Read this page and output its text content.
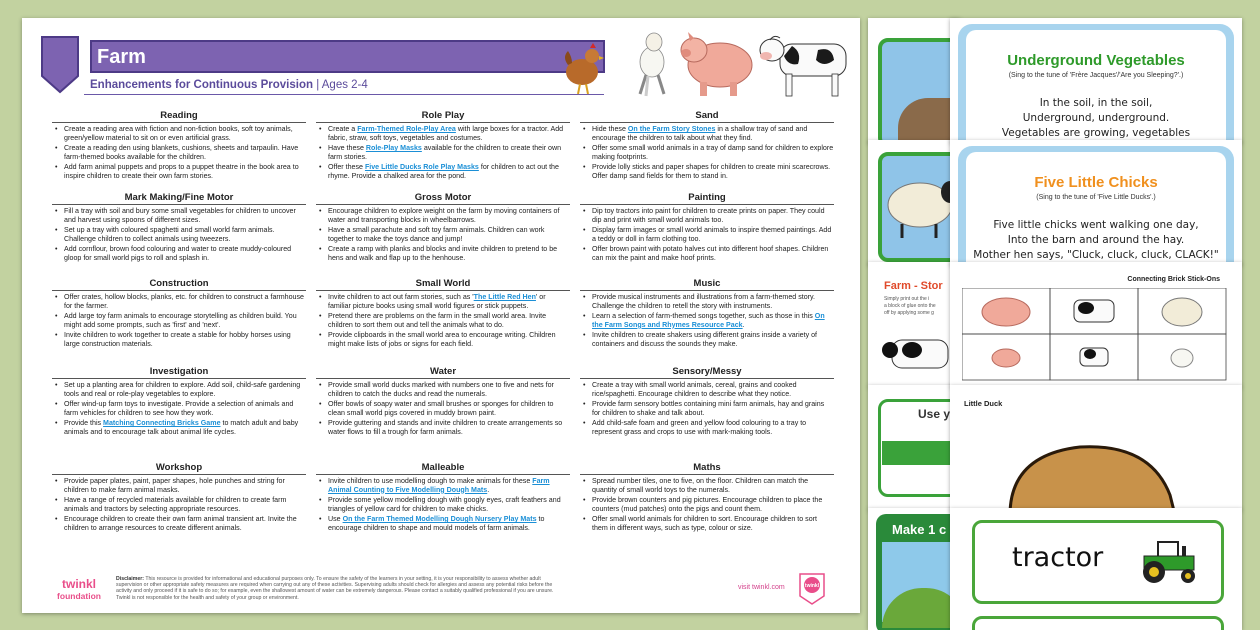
Farm
Enhancements for Continuous Provision | Ages 2-4
Reading
• Create a reading area with fiction and non-fiction books, soft toy animals, green/yellow material to sit on or even artificial grass.
• Create a reading den using blankets, cushions, sheets and tarpaulin. Have farm-themed books available for the children.
• Add farm animal puppets and props to a puppet theatre in the book area to inspire children to create their own farm stories.
Mark Making/Fine Motor
• Fill a tray with soil and bury some small vegetables for children to uncover and harvest using spoons of different sizes.
• Set up a tray with coloured spaghetti and small world farm animals. Challenge children to collect animals using tweezers.
• Add cornflour, brown food colouring and water to create muddy-coloured gloop for small world pigs to roll and splash in.
Construction
• Offer crates, hollow blocks, planks, etc. for children to construct a farmhouse for the farmer.
• Add large toy farm animals to encourage storytelling as children build. You might add some prompts, such as 'first' and 'next'.
• Invite children to work together to create a stable for hobby horses using large construction materials.
Investigation
• Set up a planting area for children to explore. Add soil, child-safe gardening tools and real or role-play vegetables to explore.
• Offer wind-up farm toys to investigate. Provide a selection of animals and farm vehicles for children to see how they work.
• Provide this Matching Connecting Bricks Game to match adult and baby animals and to encourage talk about animal life cycles.
Workshop
• Provide paper plates, paint, paper shapes, hole punches and string for children to make farm animal masks.
• Have a range of recycled materials available for children to create farm animals and tractors by selecting appropriate resources.
• Encourage children to create their own farm animal transient art. Invite the children to arrange resources to create different animals.
Role Play
• Create a Farm-Themed Role-Play Area with large boxes for a tractor. Add fabric, straw, soft toys, vegetables and costumes.
• Have these Role-Play Masks available for the children to create their own farm stories.
• Offer these Five Little Ducks Role Play Masks for children to act out the rhyme. Provide a chalked area for the pond.
Gross Motor
• Encourage children to explore weight on the farm by moving containers of water and transporting blocks in wheelbarrows.
• Have a small parachute and soft toy farm animals. Children can work together to make the toys dance and jump!
• Create a ramp with planks and blocks and invite children to pretend to be hens and walk and flap up to the henhouse.
Small World
• Invite children to act out farm stories, such as 'The Little Red Hen' or familiar picture books using small world figures or stick puppets.
• Pretend there are problems on the farm in the small world area. Invite children to sort them out and tell the animals what to do.
• Provide clipboards in the small world area to encourage writing. Children might make lists of jobs or signs for each field.
Water
• Provide small world ducks marked with numbers one to five and nets for children to catch the ducks and read the numerals.
• Offer bowls of soapy water and small brushes or sponges for children to clean small world pigs covered in muddy brown paint.
• Provide guttering and stands and invite children to create arrangements so water flows to fill a trough for farm animals.
Malleable
• Invite children to use modelling dough to make animals for these Farm Animal Counting to Five Modelling Dough Mats.
• Provide some yellow modelling dough with googly eyes, craft feathers and triangles of yellow card for children to make chicks.
• Use On the Farm Themed Modelling Dough Nursery Play Mats to encourage children to shape and mould models of farm animals.
Sand
• Hide these On the Farm Story Stones in a shallow tray of sand and encourage the children to talk about what they find.
• Offer some small world animals in a tray of damp sand for children to explore making footprints.
• Provide lolly sticks and paper shapes for children to create mini scarecrows. Offer damp sand fields for them to stand in.
Painting
• Dip toy tractors into paint for children to create prints on paper. They could dip and print with small world animals too.
• Display farm images or small world animals to inspire themed paintings. Add a teddy or doll in farm clothing too.
• Offer brown paint with potato halves cut into different hoof shapes. Children can mix the paint and make hoof prints.
Music
• Provide musical instruments and illustrations from a farm-themed story. Challenge the children to retell the story with instruments.
• Learn a selection of farm-themed songs together, such as those in this On the Farm Songs and Rhymes Resource Pack.
• Invite children to create shakers using different grains inside a variety of containers and discuss the sounds they make.
Sensory/Messy
• Create a tray with small world animals, cereal, grains and cooked rice/spaghetti. Encourage children to describe what they notice.
• Provide farm sensory bottles containing mini farm animals, hay and grains for children to shake and talk about.
• Add child-safe foam and green and yellow food colouring to a tray to represent grass and crops to use with mark-making tools.
Maths
• Spread number tiles, one to five, on the floor. Children can match the quantity of small world toys to the numerals.
• Provide brown counters and pig pictures. Encourage children to place the counters (mud patches) onto the pigs and count them.
• Offer small world animals for children to sort. Encourage children to sort them in different ways, such as type, colour or size.
twinkl
foundation
Disclaimer: This resource is provided for informational and educational purposes only. To ensure the safety of the learners in your setting, it is your responsibility to assess whether adult supervision or other appropriate safety measures are required when carrying out any of these activities. Supervising adults should check for allergies and assess any potential risks before the activity and only proceed if it is safe to do so; for example, even the shallowest amount of water can be extremely dangerous. Please contact a suitably qualified professional if you are unsure. Twinkl is not responsible for the health and safety of your group or environment.
visit twinkl.com	twinkl
Farm - Stor
Simply print out the i
a block of glue onto the
off by applying some g
Use y
Make 1 c
Underground Vegetables
(Sing to the tune of 'Frère Jacques'/'Are you Sleeping?'.)
In the soil, in the soil,
Underground, underground.
Vegetables are growing, vegetables
Five Little Chicks
(Sing to the tune of 'Five Little Ducks'.)
Five little chicks went walking one day,
Into the barn and around the hay.
Mother hen says, "Cluck, cluck, cluck, CLACK!"
Connecting Brick Stick-Ons
Little Duck
tractor
